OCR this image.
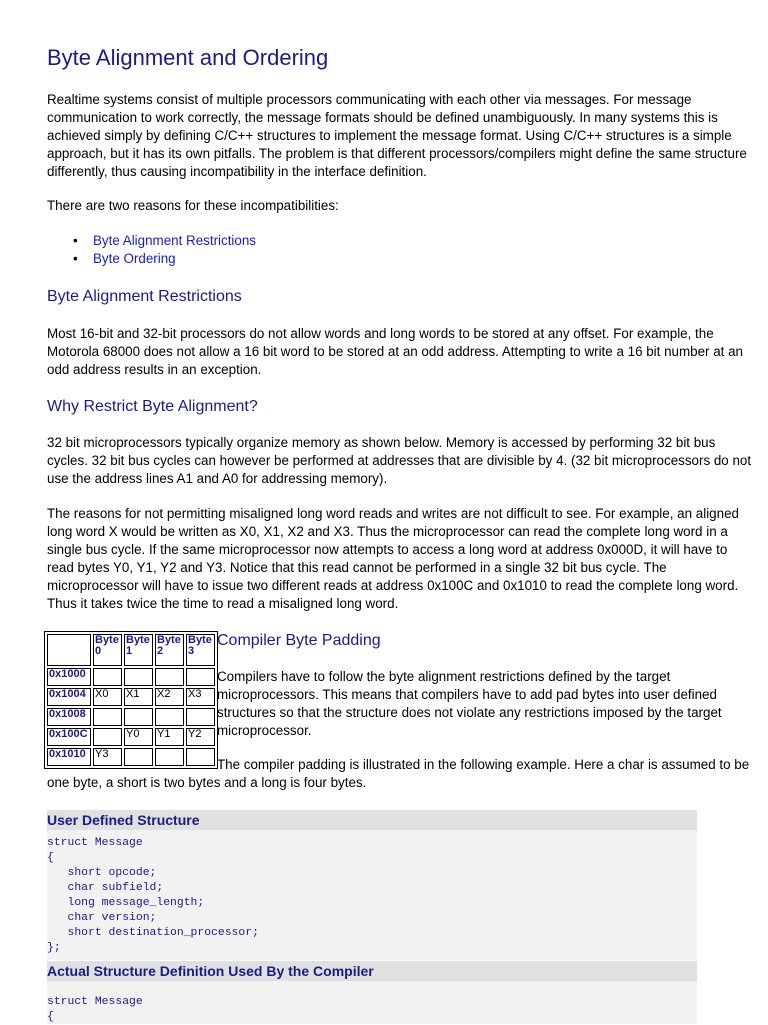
Byte Alignment and Ordering

Realtime systems consist of multiple processors communicating with each other via messages. For message communication to work correctly, the message formats should be defined unambiguously. In many systems this is achieved simply by defining C/C++ structures to implement the message format. Using C/C++ structures is a simple approach, but it has its own pitfalls. The problem is that different processors/compilers might define the same structure differently, thus causing incompatibility in the interface definition.

There are two reasons for these incompatibilities:

• Byte Alignment Restrictions
• Byte Ordering
Byte Alignment Restrictions

Most 16-bit and 32-bit processors do not allow words and long words to be stored at any offset. For example, the Motorola 68000 does not allow a 16 bit word to be stored at an odd address. Attempting to write a 16 bit number at an odd address results in an exception.

Why Restrict Byte Alignment?

32 bit microprocessors typically organize memory as shown below. Memory is accessed by performing 32 bit bus cycles. 32 bit bus cycles can however be performed at addresses that are divisible by 4. (32 bit microprocessors do not use the address lines A1 and A0 for addressing memory).

The reasons for not permitting misaligned long word reads and writes are not difficult to see. For example, an aligned long word X would be written as X0, X1, X2 and X3. Thus the microprocessor can read the complete long word in a single bus cycle. If the same microprocessor now attempts to access a long word at address 0x000D, it will have to read bytes Y0, Y1, Y2 and Y3. Notice that this read cannot be performed in a single 32 bit bus cycle. The microprocessor will have to issue two different reads at address 0x100C and 0x1010 to read the complete long word. Thus it takes twice the time to read a misaligned long word.

	Byte 0	Byte 1	Byte 2	Byte 3
0x1000				
0x1004	X0	X1	X2	X3
0x1008				
0x100C		Y0	Y1	Y2
0x1010	Y3			
Compiler Byte Padding

Compilers have to follow the byte alignment restrictions defined by the target microprocessors. This means that compilers have to add pad bytes into user defined structures so that the structure does not violate any restrictions imposed by the target microprocessor.

The compiler padding is illustrated in the following example. Here a char is assumed to be one byte, a short is two bytes and a long is four bytes.

User Defined Structure
struct Message
{
short opcode;
char subfield;
long message_length;
char version;
short destination_processor;
};
Actual Structure Definition Used By the Compiler
struct Message
{
